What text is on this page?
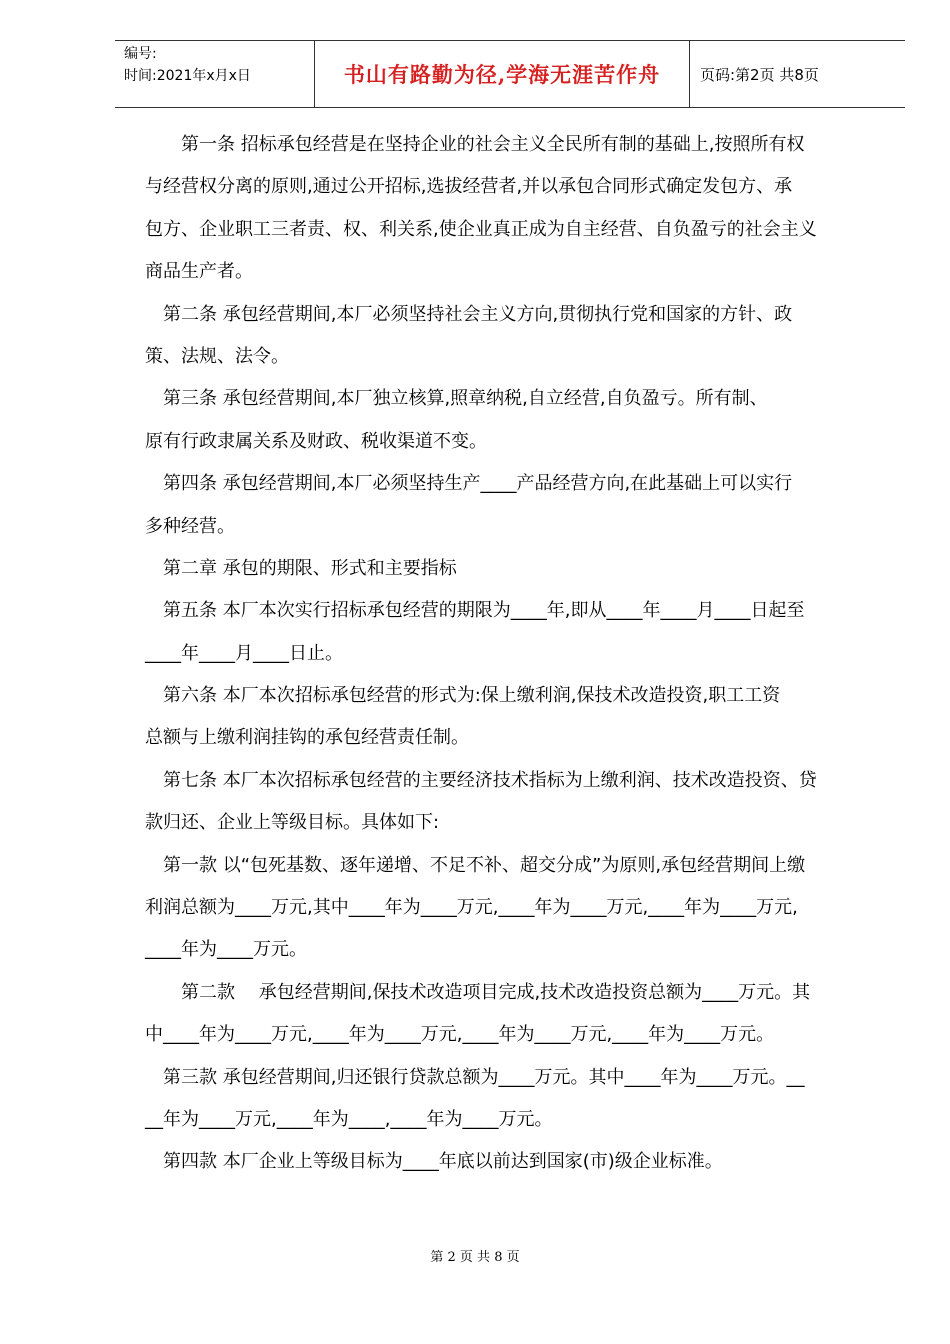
编号:
时间:2021年x月x日	书山有路勤为径,学海无涯苦作舟	页码:第2页 共8页
　　第一条 招标承包经营是在坚持企业的社会主义全民所有制的基础上,按照所有权
与经营权分离的原则,通过公开招标,选拔经营者,并以承包合同形式确定发包方、承
包方、企业职工三者责、权、利关系,使企业真正成为自主经营、自负盈亏的社会主义
商品生产者。
　第二条 承包经营期间,本厂必须坚持社会主义方向,贯彻执行党和国家的方针、政
策、法规、法令。
　第三条 承包经营期间,本厂独立核算,照章纳税,自立经营,自负盈亏。所有制、
原有行政隶属关系及财政、税收渠道不变。
　第四条 承包经营期间,本厂必须坚持生产____产品经营方向,在此基础上可以实行
多种经营。
　第二章 承包的期限、形式和主要指标
　第五条 本厂本次实行招标承包经营的期限为____年,即从____年____月____日起至
____年____月____日止。
　第六条 本厂本次招标承包经营的形式为:保上缴利润,保技术改造投资,职工工资
总额与上缴利润挂钩的承包经营责任制。
　第七条 本厂本次招标承包经营的主要经济技术指标为上缴利润、技术改造投资、贷
款归还、企业上等级目标。具体如下:
　第一款 以“包死基数、逐年递增、不足不补、超交分成”为原则,承包经营期间上缴
利润总额为____万元,其中____年为____万元,____年为____万元,____年为____万元,
____年为____万元。
　　第二款　 承包经营期间,保技术改造项目完成,技术改造投资总额为____万元。其
中____年为____万元,____年为____万元,____年为____万元,____年为____万元。
　第三款 承包经营期间,归还银行贷款总额为____万元。其中____年为____万元。__
__年为____万元,____年为____,____年为____万元。
　第四款 本厂企业上等级目标为____年底以前达到国家(市)级企业标准。
第 2 页 共 8 页
